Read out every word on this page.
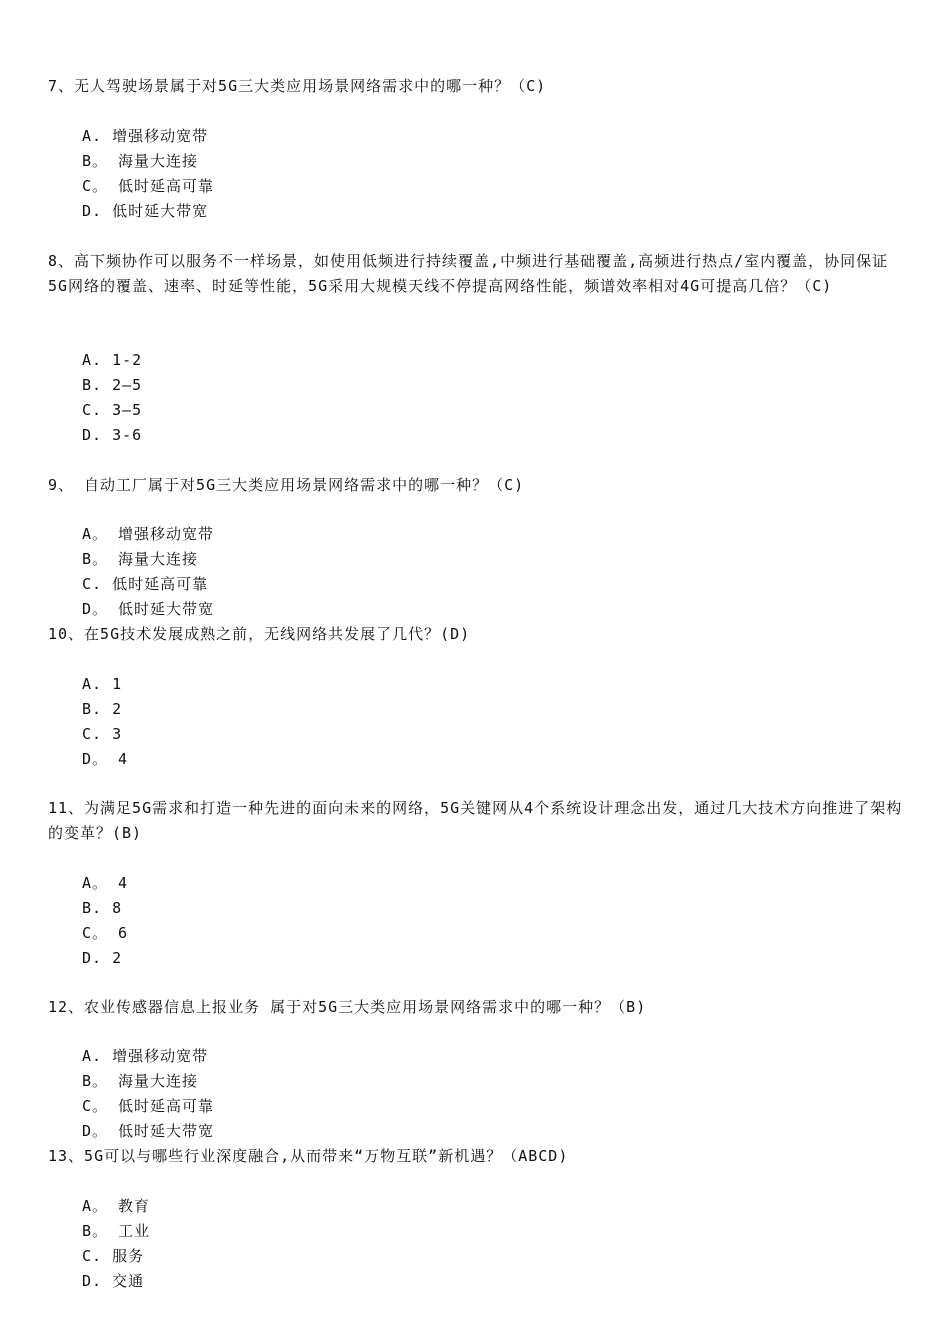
7、无人驾驶场景属于对5G三大类应用场景网络需求中的哪一种？（C)
A. 增强移动宽带
B。 海量大连接
C。 低时延高可靠
D. 低时延大带宽
8、高下频协作可以服务不一样场景，如使用低频进行持续覆盖,中频进行基础覆盖,高频进行热点/室内覆盖，协同保证5G网络的覆盖、速率、时延等性能，5G采用大规模天线不停提高网络性能，频谱效率相对4G可提高几倍？（C)
A. 1-2
B. 2—5
C. 3—5
D. 3-6
9、 自动工厂属于对5G三大类应用场景网络需求中的哪一种？（C)
A。 增强移动宽带
B。 海量大连接
C. 低时延高可靠
D。 低时延大带宽
10、在5G技术发展成熟之前，无线网络共发展了几代？(D)
A. 1
B. 2
C. 3
D。 4
11、为满足5G需求和打造一种先进的面向未来的网络，5G关键网从4个系统设计理念出发，通过几大技术方向推进了架构的变革？(B)
A。 4
B. 8
C。 6
D. 2
12、农业传感器信息上报业务 属于对5G三大类应用场景网络需求中的哪一种？（B)
A. 增强移动宽带
B。 海量大连接
C。 低时延高可靠
D。 低时延大带宽
13、5G可以与哪些行业深度融合,从而带来“万物互联”新机遇？（ABCD)
A。 教育
B。 工业
C. 服务
D. 交通
